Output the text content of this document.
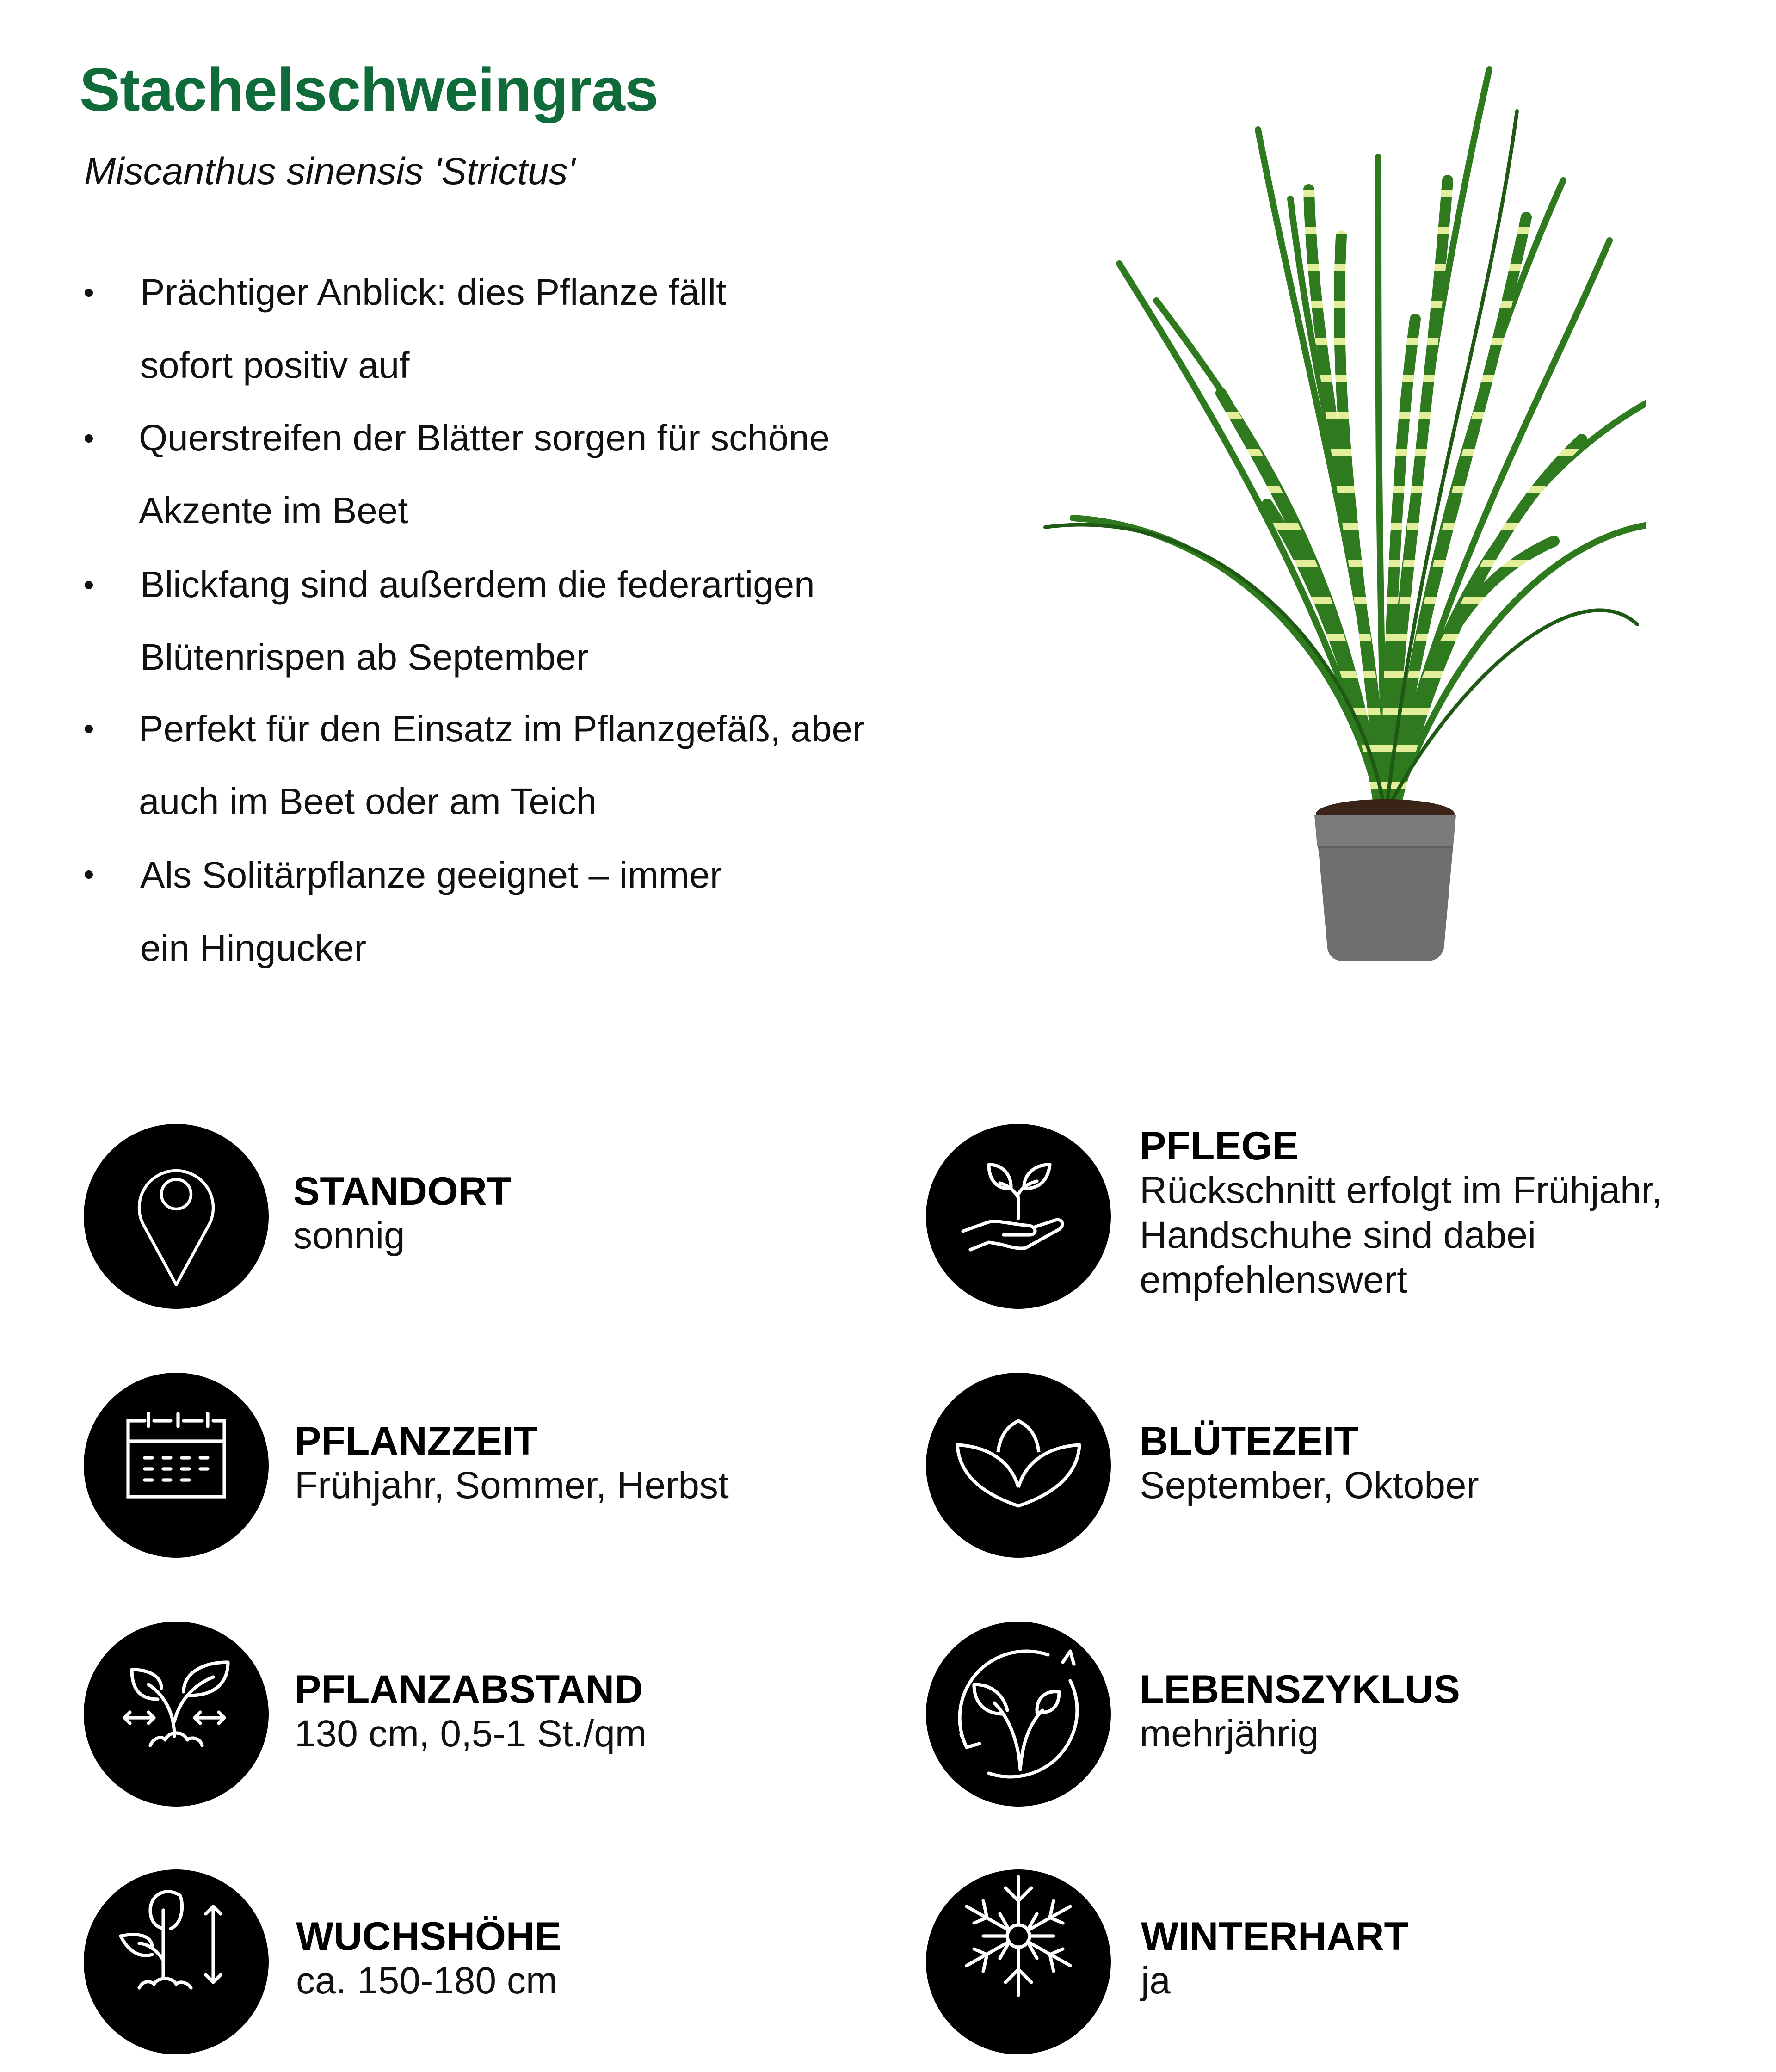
Stachelschweingras

Miscanthus sinensis 'Strictus'

Prächtiger Anblick: dies Pflanze fällt
sofort positiv auf
Querstreifen der Blätter sorgen für schöne
Akzente im Beet
Blickfang sind außerdem die federartigen
Blütenrispen ab September
Perfekt für den Einsatz im Pflanzgefäß, aber
auch im Beet oder am Teich
Als Solitärpflanze geeignet – immer
ein Hingucker
STANDORT
sonnig
PFLANZZEIT
Frühjahr, Sommer, Herbst
PFLANZABSTAND
130 cm, 0,5-1 St./qm
WUCHSHÖHE
ca. 150-180 cm
PFLEGE
Rückschnitt erfolgt im Frühjahr,
Handschuhe sind dabei
empfehlenswert
BLÜTEZEIT
September, Oktober
LEBENSZYKLUS
mehrjährig
WINTERHART
ja
